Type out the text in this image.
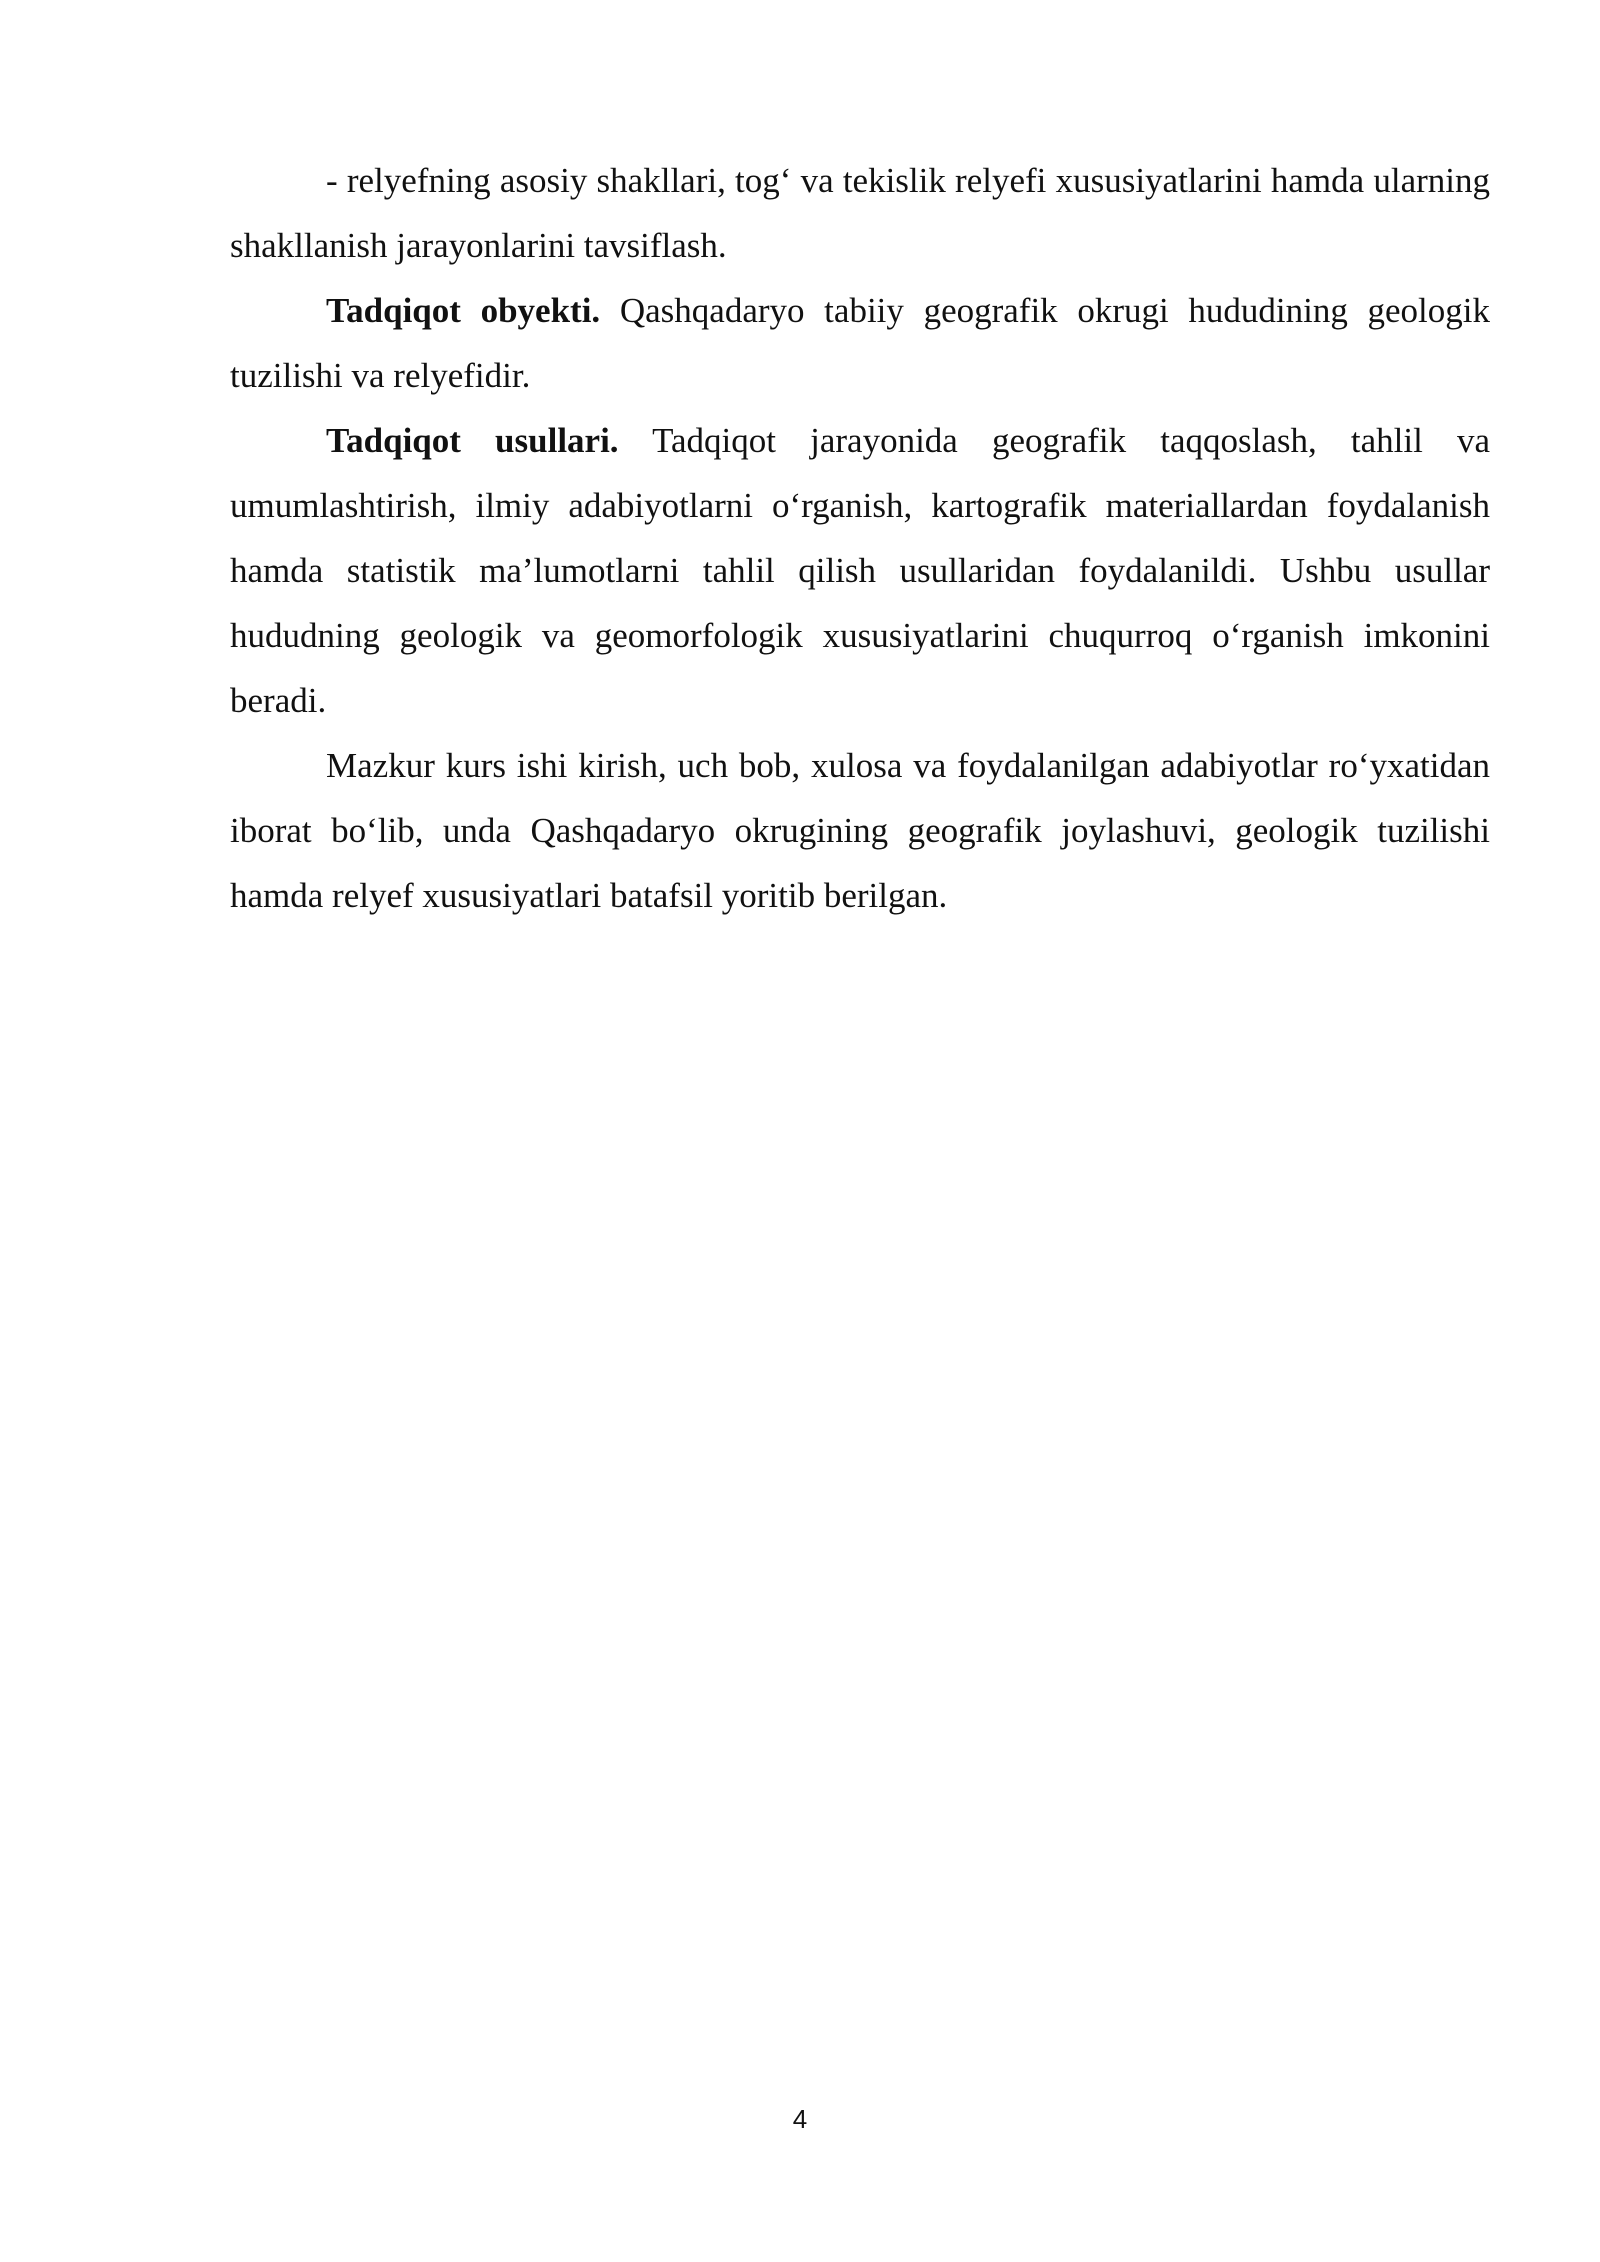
- relyefning asosiy shakllari, tog‘ va tekislik relyefi xususiyatlarini hamda ularning shakllanish jarayonlarini tavsiflash.

Tadqiqot obyekti. Qashqadaryo tabiiy geografik okrugi hududining geologik tuzilishi va relyefidir.

Tadqiqot usullari. Tadqiqot jarayonida geografik taqqoslash, tahlil va umumlashtirish, ilmiy adabiyotlarni o‘rganish, kartografik materiallardan foydalanish hamda statistik ma’lumotlarni tahlil qilish usullaridan foydalanildi. Ushbu usullar hududning geologik va geomorfologik xususiyatlarini chuqurroq o‘rganish imkonini beradi.

Mazkur kurs ishi kirish, uch bob, xulosa va foydalanilgan adabiyotlar ro‘yxatidan iborat bo‘lib, unda Qashqadaryo okrugining geografik joylashuvi, geologik tuzilishi hamda relyef xususiyatlari batafsil yoritib berilgan.

4
